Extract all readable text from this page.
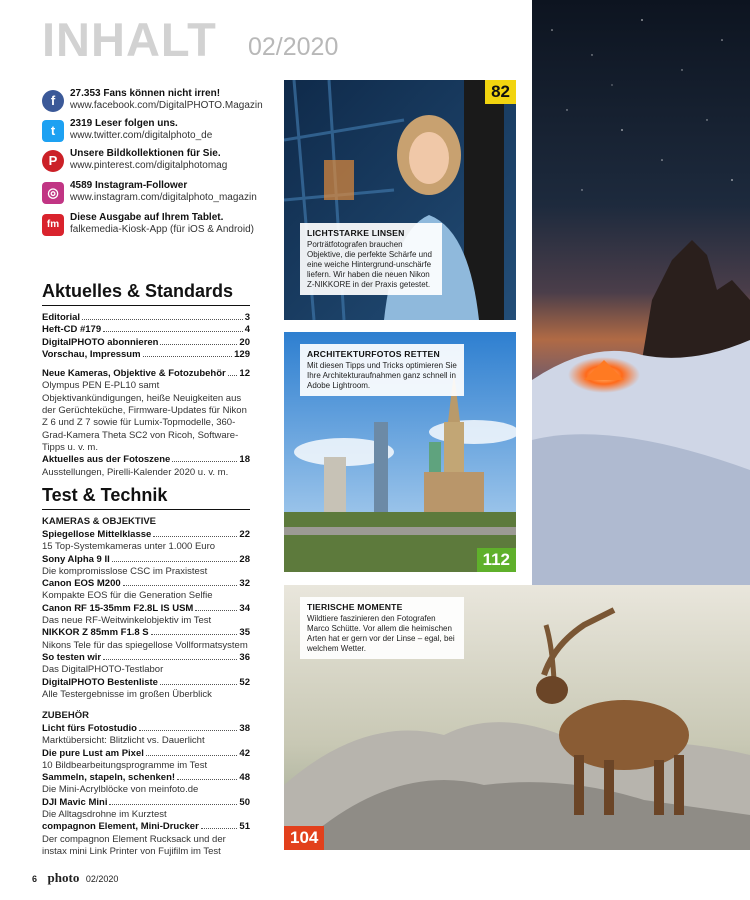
INHALT 02/2020
f	27.353 Fans können nicht irren!
www.facebook.com/DigitalPHOTO.Magazin
t	2319 Leser folgen uns.
www.twitter.com/digitalphoto_de
P	Unsere Bildkollektionen für Sie.
www.pinterest.com/digitalphotomag
◎	4589 Instagram-Follower
www.instagram.com/digitalphoto_magazin
fm
Diese Ausgabe auf Ihrem Tablet.
falkemedia-Kiosk-App (für iOS & Android)
Aktuelles & Standards
Editorial	3
Heft-CD #179	4
DigitalPHOTO abonnieren	20
Vorschau, Impressum	129
Neue Kameras, Objektive & Fotozubehör 12
Olympus PEN E-PL10 samt Objektivankündigungen, heiße Neuigkeiten aus der Gerüchteküche, Firmware-Updates für Nikon Z 6 und Z 7 sowie für Lumix-Topmodelle, 360-Grad-Kamera Theta SC2 von Ricoh, Software-Tipps u. v. m.
Aktuelles aus der Fotoszene	18
Ausstellungen, Pirelli-Kalender 2020 u. v. m.
Test & Technik
KAMERAS & OBJEKTIVE
Spiegellose Mittelklasse	22
15 Top-Systemkameras unter 1.000 Euro
Sony Alpha 9 II	28
Die kompromisslose CSC im Praxistest
Canon EOS M200	32
Kompakte EOS für die Generation Selfie
Canon RF 15-35mm F2.8L IS USM	34
Das neue RF-Weitwinkelobjektiv im Test
NIKKOR Z 85mm F1.8 S	35
Nikons Tele für das spiegellose Vollformatsystem
So testen wir	36
Das DigitalPHOTO-Testlabor
DigitalPHOTO Bestenliste	52
Alle Testergebnisse im großen Überblick
ZUBEHÖR
Licht fürs Fotostudio	38
Marktübersicht: Blitzlicht vs. Dauerlicht
Die pure Lust am Pixel	42
10 Bildbearbeitungsprogramme im Test
Sammeln, stapeln, schenken!	48
Die Mini-Acrylblöcke von meinfoto.de
DJI Mavic Mini	50
Die Alltagsdrohne im Kurztest
compagnon Element, Mini-Drucker	51
Der compagnon Element Rucksack und der instax mini Link Printer von Fujifilm im Test
82
LICHTSTARKE LINSEN
Porträtfotografen brauchen Objektive, die perfekte Schärfe und eine weiche Hintergrund-unschärfe liefern. Wir haben die neuen Nikon Z-NIKKORE in der Praxis getestet.
112
ARCHITEKTURFOTOS RETTEN
Mit diesen Tipps und Tricks optimieren Sie Ihre Architekturaufnahmen ganz schnell in Adobe Lightroom.
104
TIERISCHE MOMENTE
Wildtiere faszinieren den Fotografen Marco Schütte. Vor allem die heimischen Arten hat er gern vor der Linse – egal, bei welchem Wetter.
6 photo 02/2020
